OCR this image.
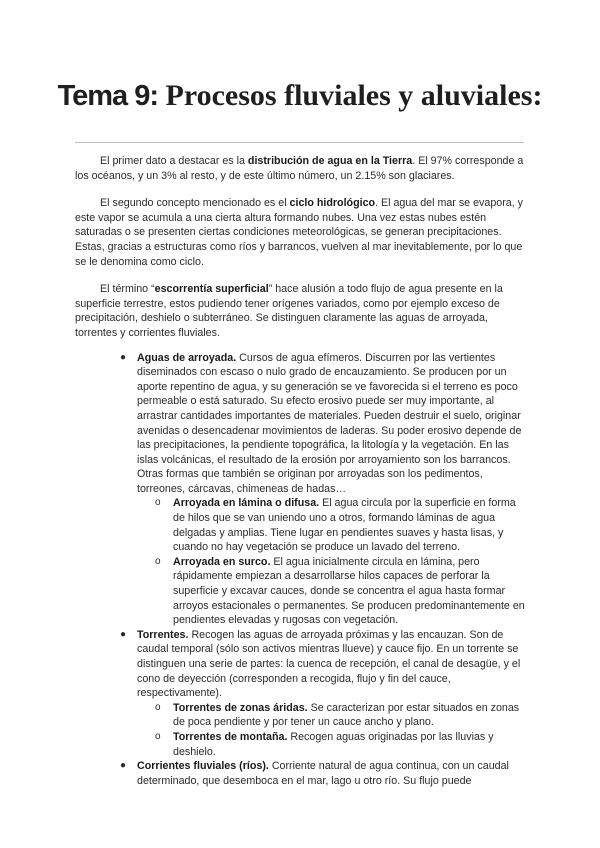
Tema 9: Procesos fluviales y aluviales:

El primer dato a destacar es la distribución de agua en la Tierra. El 97% corresponde a los océanos, y un 3% al resto, y de este último número, un 2.15% son glaciares.

El segundo concepto mencionado es el ciclo hidrológico. El agua del mar se evapora, y este vapor se acumula a una cierta altura formando nubes. Una vez estas nubes estén saturadas o se presenten ciertas condiciones meteorológicas, se generan precipitaciones. Estas, gracias a estructuras como ríos y barrancos, vuelven al mar inevitablemente, por lo que se le denomina como ciclo.

El término “escorrentía superficial” hace alusión a todo flujo de agua presente en la superficie terrestre, estos pudiendo tener orígenes variados, como por ejemplo exceso de precipitación, deshielo o subterráneo. Se distinguen claramente las aguas de arroyada, torrentes y corrientes fluviales.

● Aguas de arroyada. Cursos de agua efímeros. Discurren por las vertientes diseminados con escaso o nulo grado de encauzamiento. Se producen por un aporte repentino de agua, y su generación se ve favorecida si el terreno es poco permeable o está saturado. Su efecto erosivo puede ser muy importante, al arrastrar cantidades importantes de materiales. Pueden destruir el suelo, originar avenidas o desencadenar movimientos de laderas. Su poder erosivo depende de las precipitaciones, la pendiente topográfica, la litología y la vegetación. En las islas volcánicas, el resultado de la erosión por arroyamiento son los barrancos. Otras formas que también se originan por arroyadas son los pedimentos, torreones, cárcavas, chimeneas de hadas…
o Arroyada en lámina o difusa. El agua circula por la superficie en forma de hilos que se van uniendo uno a otros, formando láminas de agua delgadas y amplias. Tiene lugar en pendientes suaves y hasta lisas, y cuando no hay vegetación se produce un lavado del terreno.
o Arroyada en surco. El agua inicialmente circula en lámina, pero rápidamente empiezan a desarrollarse hilos capaces de perforar la superficie y excavar cauces, donde se concentra el agua hasta formar arroyos estacionales o permanentes. Se producen predominantemente en pendientes elevadas y rugosas con vegetación.
● Torrentes. Recogen las aguas de arroyada próximas y las encauzan. Son de caudal temporal (sólo son activos mientras llueve) y cauce fijo. En un torrente se distinguen una serie de partes: la cuenca de recepción, el canal de desagüe, y el cono de deyección (corresponden a recogida, flujo y fin del cauce, respectivamente).
o Torrentes de zonas áridas. Se caracterizan por estar situados en zonas de poca pendiente y por tener un cauce ancho y plano.
o Torrentes de montaña. Recogen aguas originadas por las lluvias y deshielo.
● Corrientes fluviales (ríos). Corriente natural de agua continua, con un caudal determinado, que desemboca en el mar, lago u otro río. Su flujo puede
